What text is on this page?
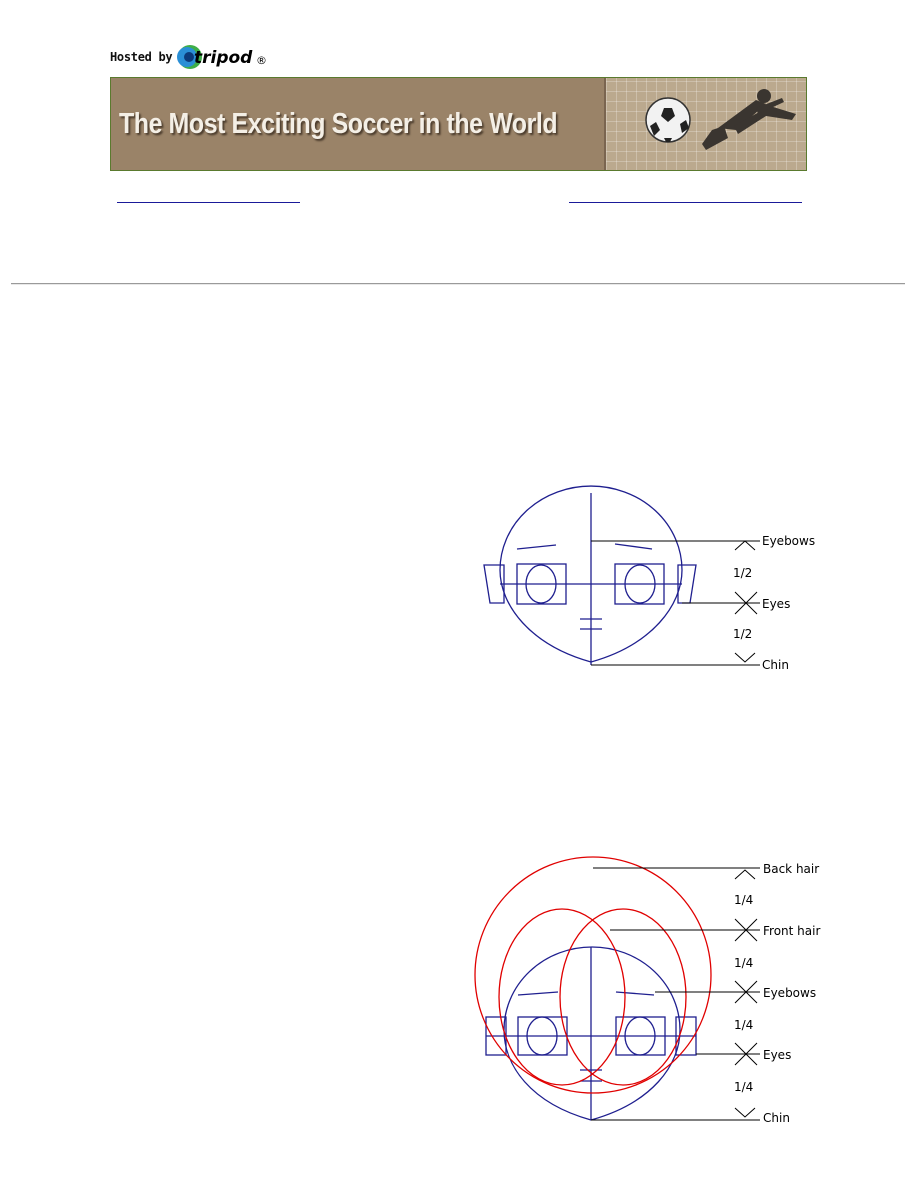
Hosted by tripod ®
The Most Exciting Soccer in the World
Eyebows
Eyes
Chin
1/2
1/2
Back hair
Front hair
Eyebows
Eyes
Chin
1/4
1/4
1/4
1/4
